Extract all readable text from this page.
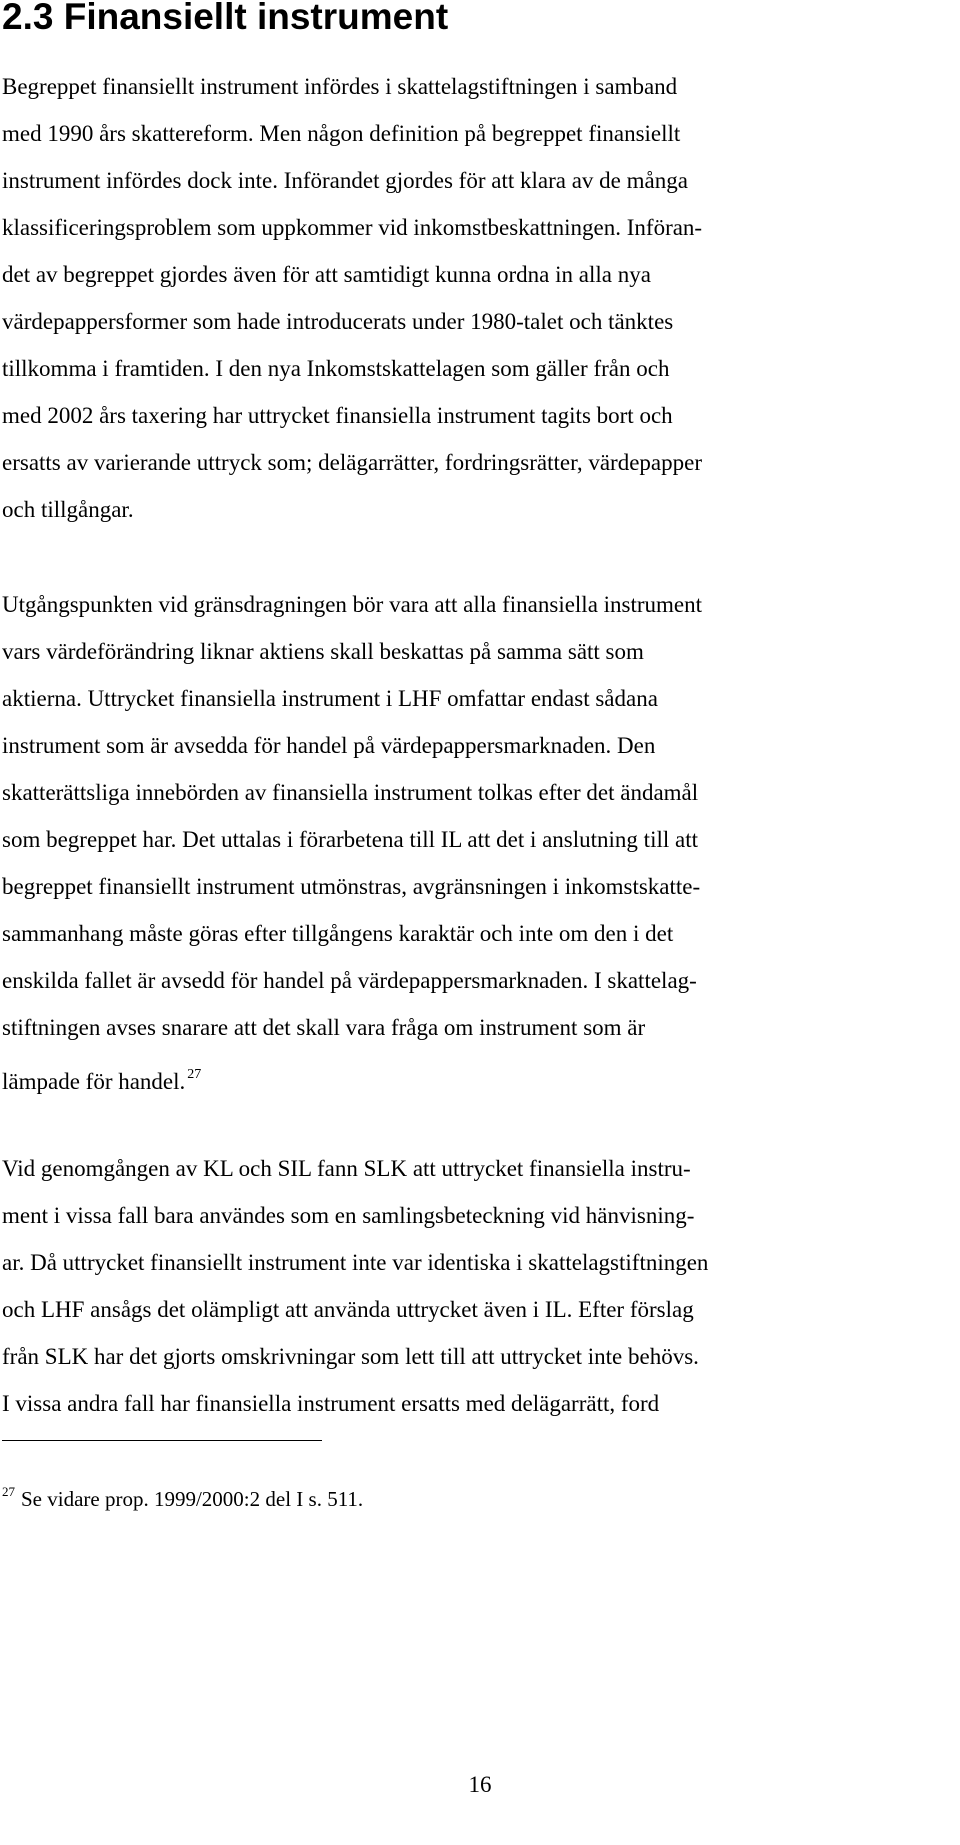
2.3 Finansiellt instrument

Begreppet finansiellt instrument infördes i skattelagstiftningen i samband
med 1990 års skattereform. Men någon definition på begreppet finansiellt
instrument infördes dock inte. Införandet gjordes för att klara av de många
klassificeringsproblem som uppkommer vid inkomstbeskattningen. Införan-
det av begreppet gjordes även för att samtidigt kunna ordna in alla nya
värdepappersformer som hade introducerats under 1980-talet och tänktes
tillkomma i framtiden. I den nya Inkomstskattelagen som gäller från och
med 2002 års taxering har uttrycket finansiella instrument tagits bort och
ersatts av varierande uttryck som; delägarrätter, fordringsrätter, värdepapper
och tillgångar.

Utgångspunkten vid gränsdragningen bör vara att alla finansiella instrument
vars värdeförändring liknar aktiens skall beskattas på samma sätt som
aktierna. Uttrycket finansiella instrument i LHF omfattar endast sådana
instrument som är avsedda för handel på värdepappersmarknaden. Den
skatterättsliga innebörden av finansiella instrument tolkas efter det ändamål
som begreppet har. Det uttalas i förarbetena till IL att det i anslutning till att
begreppet finansiellt instrument utmönstras, avgränsningen i inkomstskatte-
sammanhang måste göras efter tillgångens karaktär och inte om den i det
enskilda fallet är avsedd för handel på värdepappersmarknaden. I skattelag-
stiftningen avses snarare att det skall vara fråga om instrument som är
lämpade för handel. $^{27}$

Vid genomgången av KL och SIL fann SLK att uttrycket finansiella instru-
ment i vissa fall bara användes som en samlingsbeteckning vid hänvisning-
ar. Då uttrycket finansiellt instrument inte var identiska i skattelagstiftningen
och LHF ansågs det olämpligt att använda uttrycket även i IL. Efter förslag
från SLK har det gjorts omskrivningar som lett till att uttrycket inte behövs.
I vissa andra fall har finansiella instrument ersatts med delägarrätt, ford

$^{27}$ Se vidare prop. 1999/2000:2 del I s. 511.

16
